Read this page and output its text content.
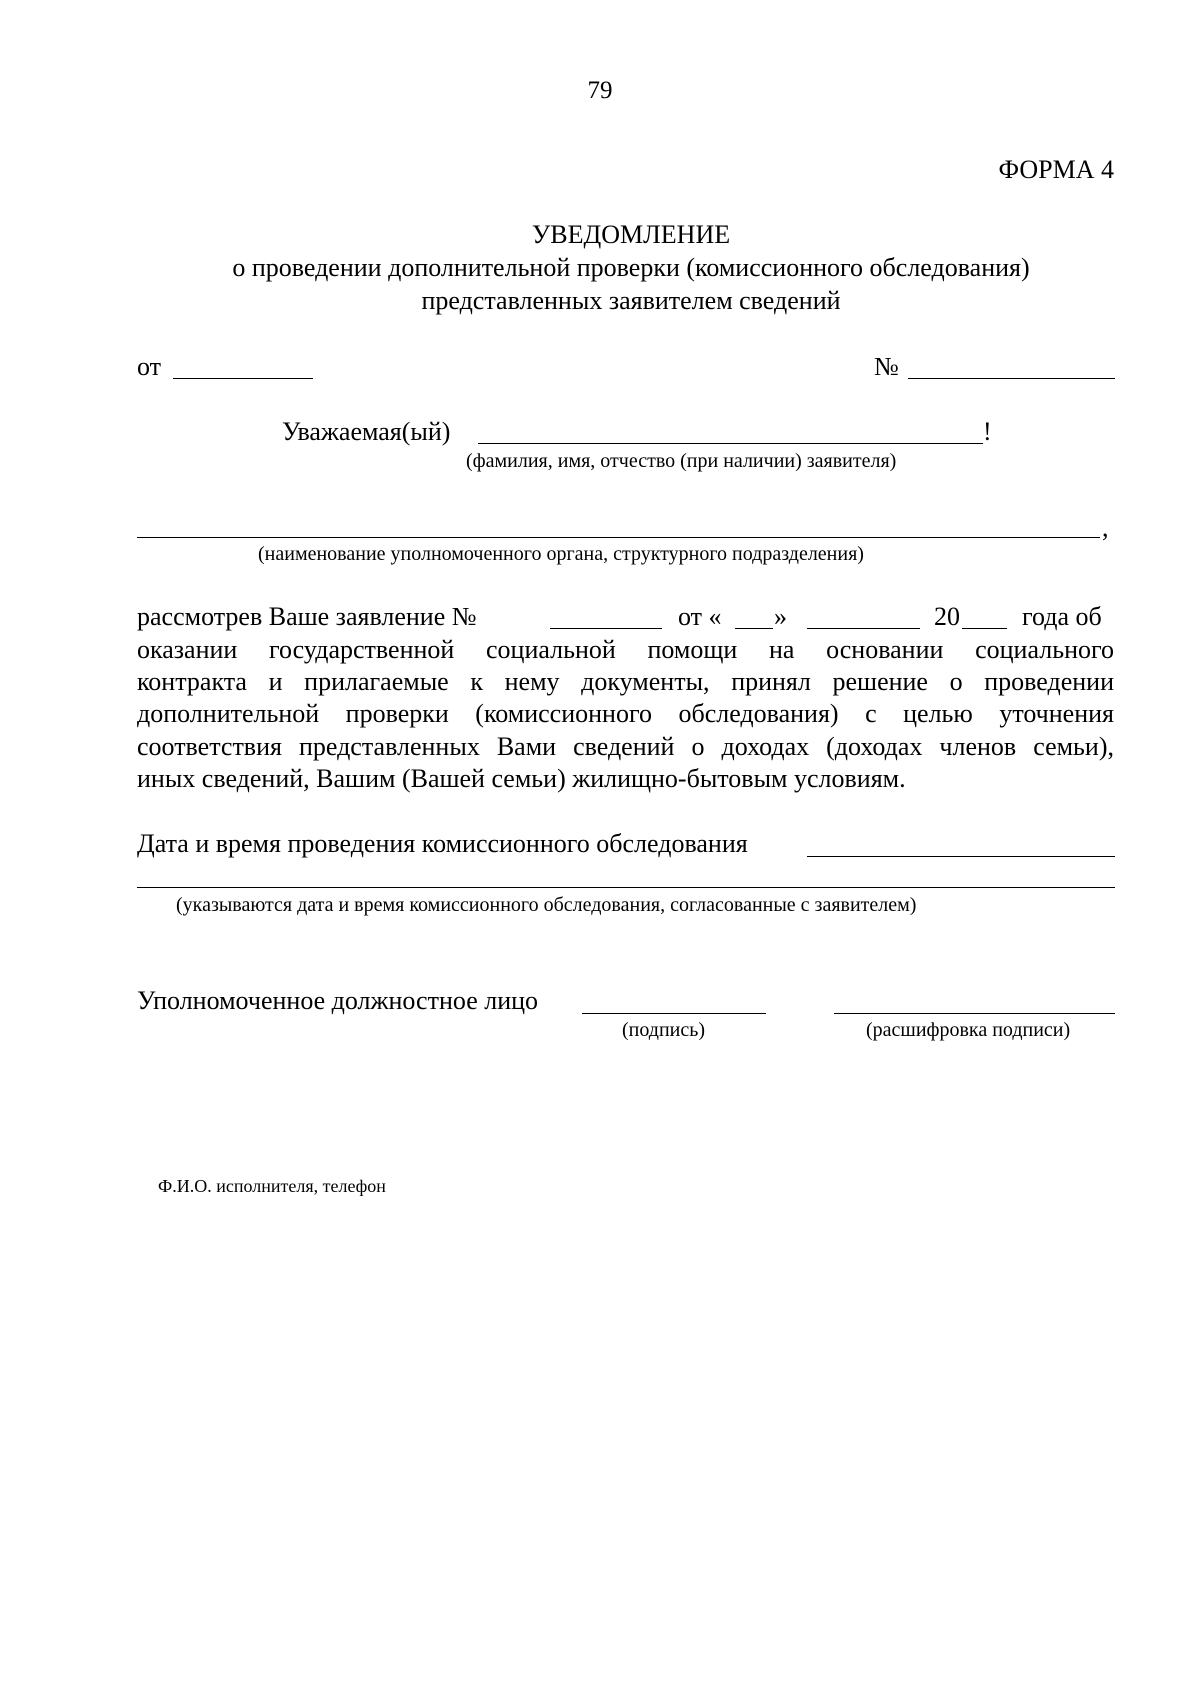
79
ФОРМА 4
УВЕДОМЛЕНИЕ
о проведении дополнительной проверки (комиссионного обследования)
представленных заявителем сведений
от	№
Уважаемая(ый)	!
(фамилия, имя, отчество (при наличии) заявителя)
,
(наименование уполномоченного органа, структурного подразделения)
рассмотрев Ваше заявление №	от « »	20 года об
оказании государственной социальной помощи на основании социального
контракта и прилагаемые к нему документы, принял решение о проведении
дополнительной проверки (комиссионного обследования) с целью уточнения
соответствия представленных Вами сведений о доходах (доходах членов семьи),
иных сведений, Вашим (Вашей семьи) жилищно-бытовым условиям.
Дата и время проведения комиссионного обследования
(указываются дата и время комиссионного обследования, согласованные с заявителем)
Уполномоченное должностное лицо
(подпись)	(расшифровка подписи)
Ф.И.О. исполнителя, телефон
